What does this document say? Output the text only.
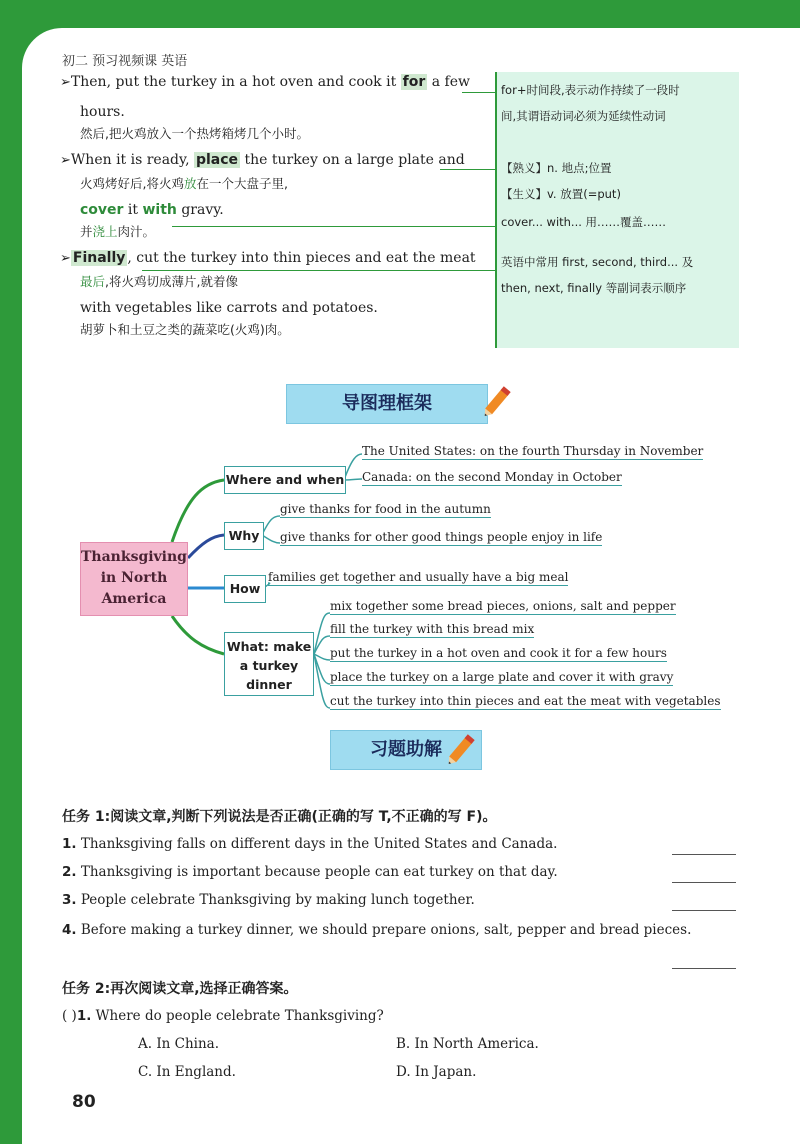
初二 预习视频课 英语
for+时间段,表示动作持续了一段时
间,其谓语动词必须为延续性动词
【熟义】n. 地点;位置
【生义】v. 放置(=put)
cover... with... 用……覆盖……
英语中常用 first, second, third... 及
then, next, finally 等副词表示顺序
➢Then, put the turkey in a hot oven and cook it for a few
hours.
然后,把火鸡放入一个热烤箱烤几个小时。
➢When it is ready, place the turkey on a large plate and
火鸡烤好后,将火鸡放在一个大盘子里,
cover it with gravy.
并浇上肉汁。
➢ Finally , cut the turkey into thin pieces and eat the meat
最后,将火鸡切成薄片,就着像
with vegetables like carrots and potatoes.
胡萝卜和土豆之类的蔬菜吃(火鸡)肉。
导图理框架
Thanksgiving
in North
America
Where and when
The United States: on the fourth Thursday in November
Canada: on the second Monday in October
Why
give thanks for food in the autumn
give thanks for other good things people enjoy in life
How
families get together and usually have a big meal
What: make
a turkey
dinner
mix together some bread pieces, onions, salt and pepper
fill the turkey with this bread mix
put the turkey in a hot oven and cook it for a few hours
place the turkey on a large plate and cover it with gravy
cut the turkey into thin pieces and eat the meat with vegetables
习题助解
任务 1:阅读文章,判断下列说法是否正确(正确的写 T,不正确的写 F)。
1. Thanksgiving falls on different days in the United States and Canada.
2. Thanksgiving is important because people can eat turkey on that day.
3. People celebrate Thanksgiving by making lunch together.
4. Before making a turkey dinner, we should prepare onions, salt, pepper and bread pieces.
任务 2:再次阅读文章,选择正确答案。
( )1. Where do people celebrate Thanksgiving?
A. In China.	B. In North America.
C. In England.	D. In Japan.
80
